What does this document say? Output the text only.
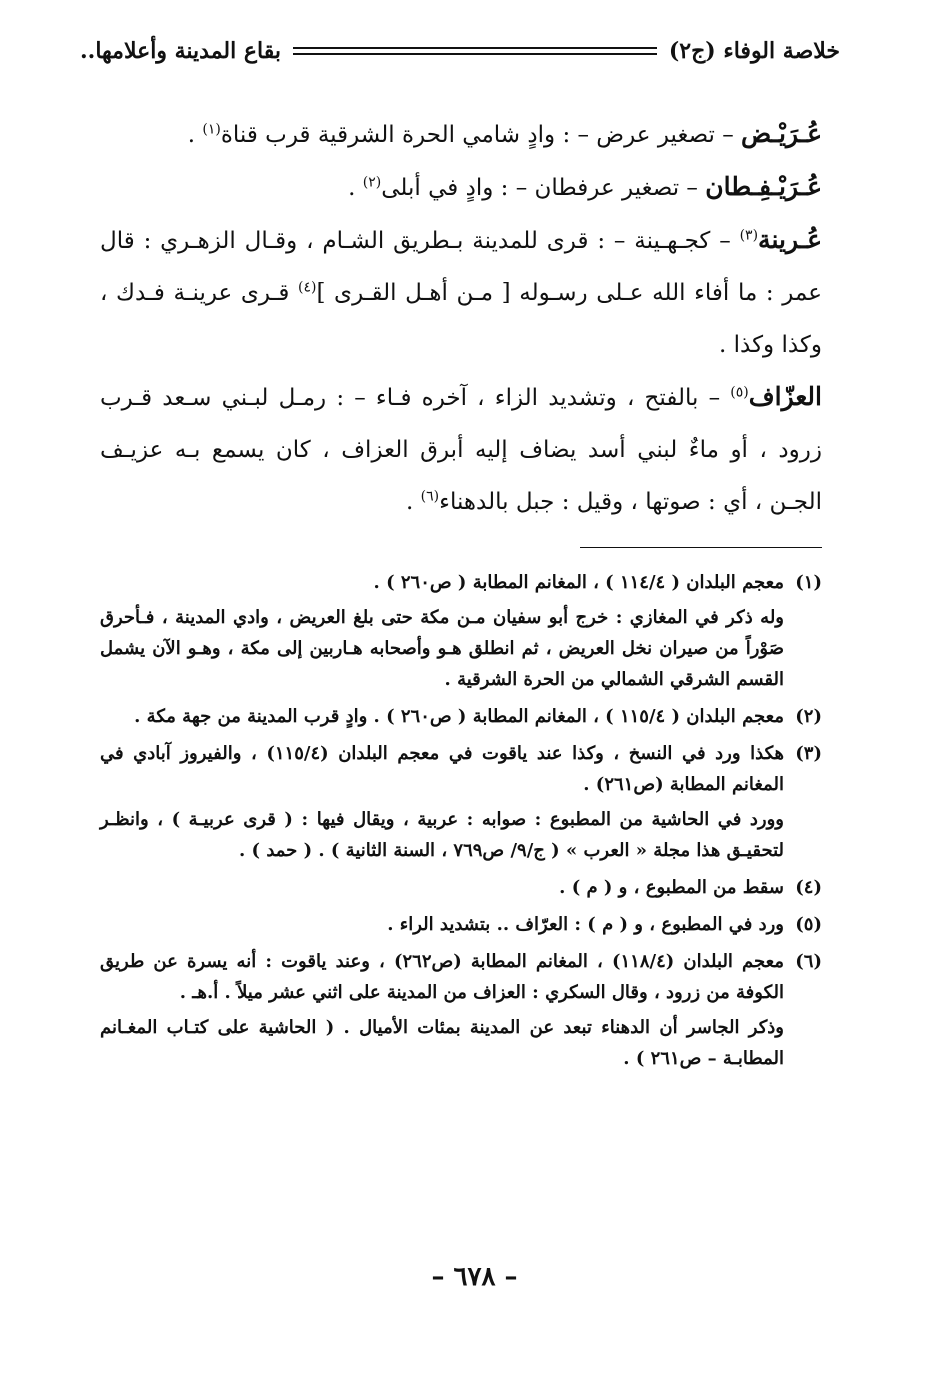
خلاصة الوفاء (ج٢)
بقاع المدينة وأعلامها..

عُـرَيْـض – تصغير عرض – : وادٍ شامي الحرة الشرقية قرب قناة$^{(١)}$ .

عُـرَيْـفِـطان – تصغير عرفطان – : وادٍ في أبلى$^{(٢)}$ .

عُـرينة$^{(٣)}$ – كجـهـينة – : قرى للمدينة بـطريق الشـام ، وقـال الزهـري : قال عمر : ما أفاء الله عـلى رسـوله [ مـن أهـل القـرى ]$^{(٤)}$ قـرى عرينـة فـدك ، وكذا وكذا .

العزّاف$^{(٥)}$ – بالفتح ، وتشديد الزاء ، آخره فـاء – : رمـل لبـني سـعد قـرب زرود ، أو ماءٌ لبني أسد يضاف إليه أبرق العزاف ، كان يسمع بـه عزيـف الجـن ، أي : صوتها ، وقيل : جبل بالدهناء$^{(٦)}$ .

(١)
معجم البلدان ( ١١٤/٤ ) ، المغانم المطابة ( ص٢٦٠ ) .
وله ذكر في المغازي : خرج أبو سفيان مـن مكة حتى بلغ العريض ، وادي المدينة ، فـأحرق صَوْراً من صيران نخل العريض ، ثم انطلق هـو وأصحابه هـاربين إلى مكة ، وهـو الآن يشمل القسم الشرقي الشمالي من الحرة الشرقية .
(٢)
معجم البلدان ( ١١٥/٤ ) ، المغانم المطابة ( ص٢٦٠ ) . وادٍ قرب المدينة من جهة مكة .
(٣)
هكذا ورد في النسخ ، وكذا عند ياقوت في معجم البلدان (١١٥/٤) ، والفيروز آبادي في المغانم المطابة (ص٢٦١) .
وورد في الحاشية من المطبوع : صوابه : عربية ، ويقال فيها : ( قرى عربيـة ) ، وانظـر لتحقيـق هذا مجلة « العرب » ( ج/٩/ ص٧٦٩ ، السنة الثانية ) . ( حمد ) .
(٤)
سقط من المطبوع ، و ( م ) .
(٥)
ورد في المطبوع ، و ( م ) : العرّاف .. بتشديد الراء .
(٦)
معجم البلدان (١١٨/٤) ، المغانم المطابة (ص٢٦٢) ، وعند ياقوت : أنه يسرة عن طريق الكوفة من زرود ، وقال السكري : العزاف من المدينة على اثني عشر ميلاً . أ.هـ .
وذكر الجاسر أن الدهناء تبعد عن المدينة بمئات الأميال . ( الحاشية على كتـاب المغـانم المطابـة – ص٢٦١ ) .
– ٦٧٨ –
